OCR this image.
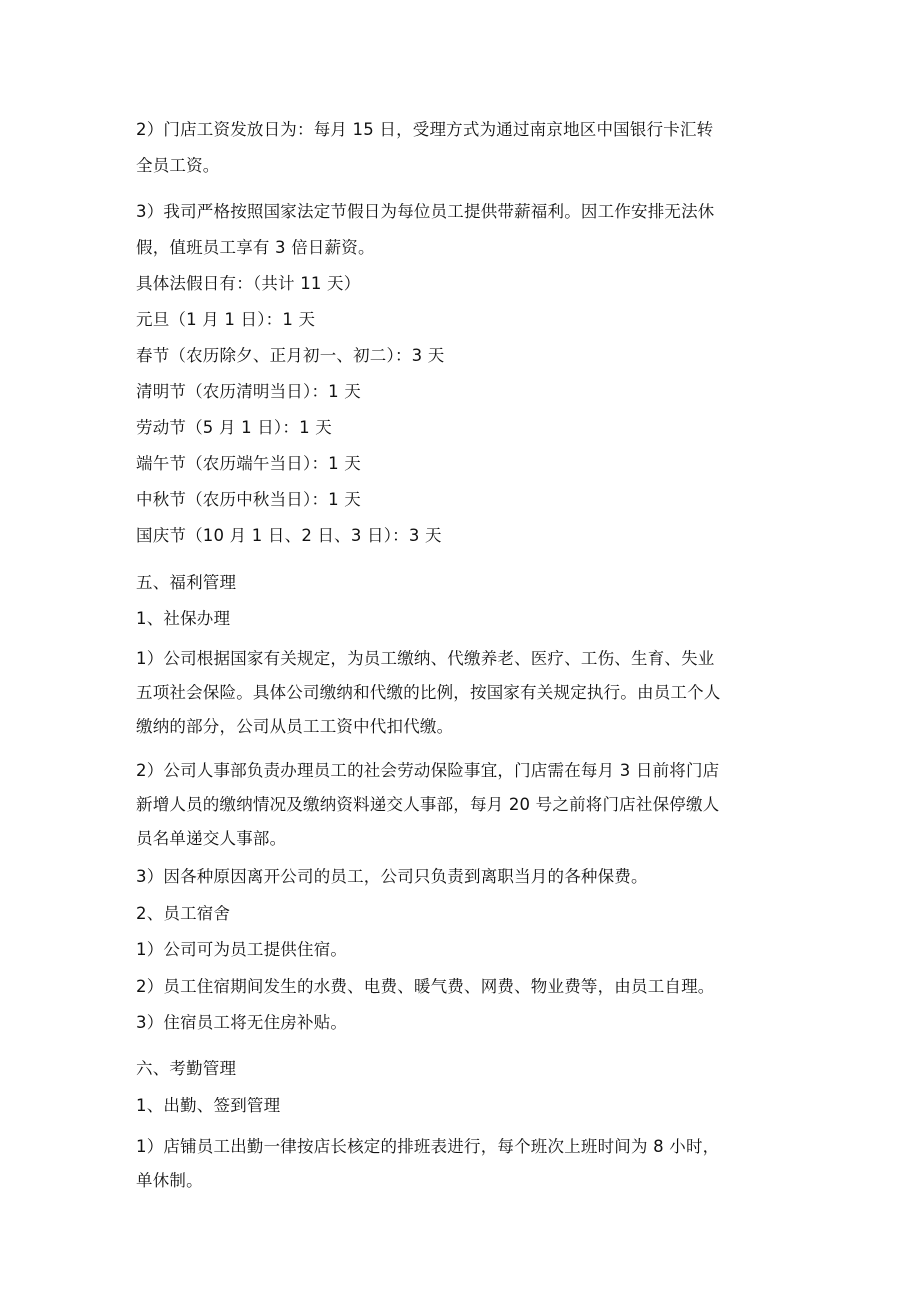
2）门店工资发放日为：每月 15 日，受理方式为通过南京地区中国银行卡汇转
全员工资。
3）我司严格按照国家法定节假日为每位员工提供带薪福利。因工作安排无法休
假，值班员工享有 3 倍日薪资。
具体法假日有：（共计 11 天）
元旦（1 月 1 日）：1 天
春节（农历除夕、正月初一、初二）：3 天
清明节（农历清明当日）：1 天
劳动节（5 月 1 日）：1 天
端午节（农历端午当日）：1 天
中秋节（农历中秋当日）：1 天
国庆节（10 月 1 日、2 日、3 日）：3 天
五、福利管理
1、社保办理
1）公司根据国家有关规定，为员工缴纳、代缴养老、医疗、工伤、生育、失业
五项社会保险。具体公司缴纳和代缴的比例，按国家有关规定执行。由员工个人
缴纳的部分，公司从员工工资中代扣代缴。
2）公司人事部负责办理员工的社会劳动保险事宜，门店需在每月 3 日前将门店
新增人员的缴纳情况及缴纳资料递交人事部，每月 20 号之前将门店社保停缴人
员名单递交人事部。
3）因各种原因离开公司的员工，公司只负责到离职当月的各种保费。
2、员工宿舍
1）公司可为员工提供住宿。
2）员工住宿期间发生的水费、电费、暖气费、网费、物业费等，由员工自理。
3）住宿员工将无住房补贴。
六、考勤管理
1、出勤、签到管理
1）店铺员工出勤一律按店长核定的排班表进行，每个班次上班时间为 8 小时，
单休制。
